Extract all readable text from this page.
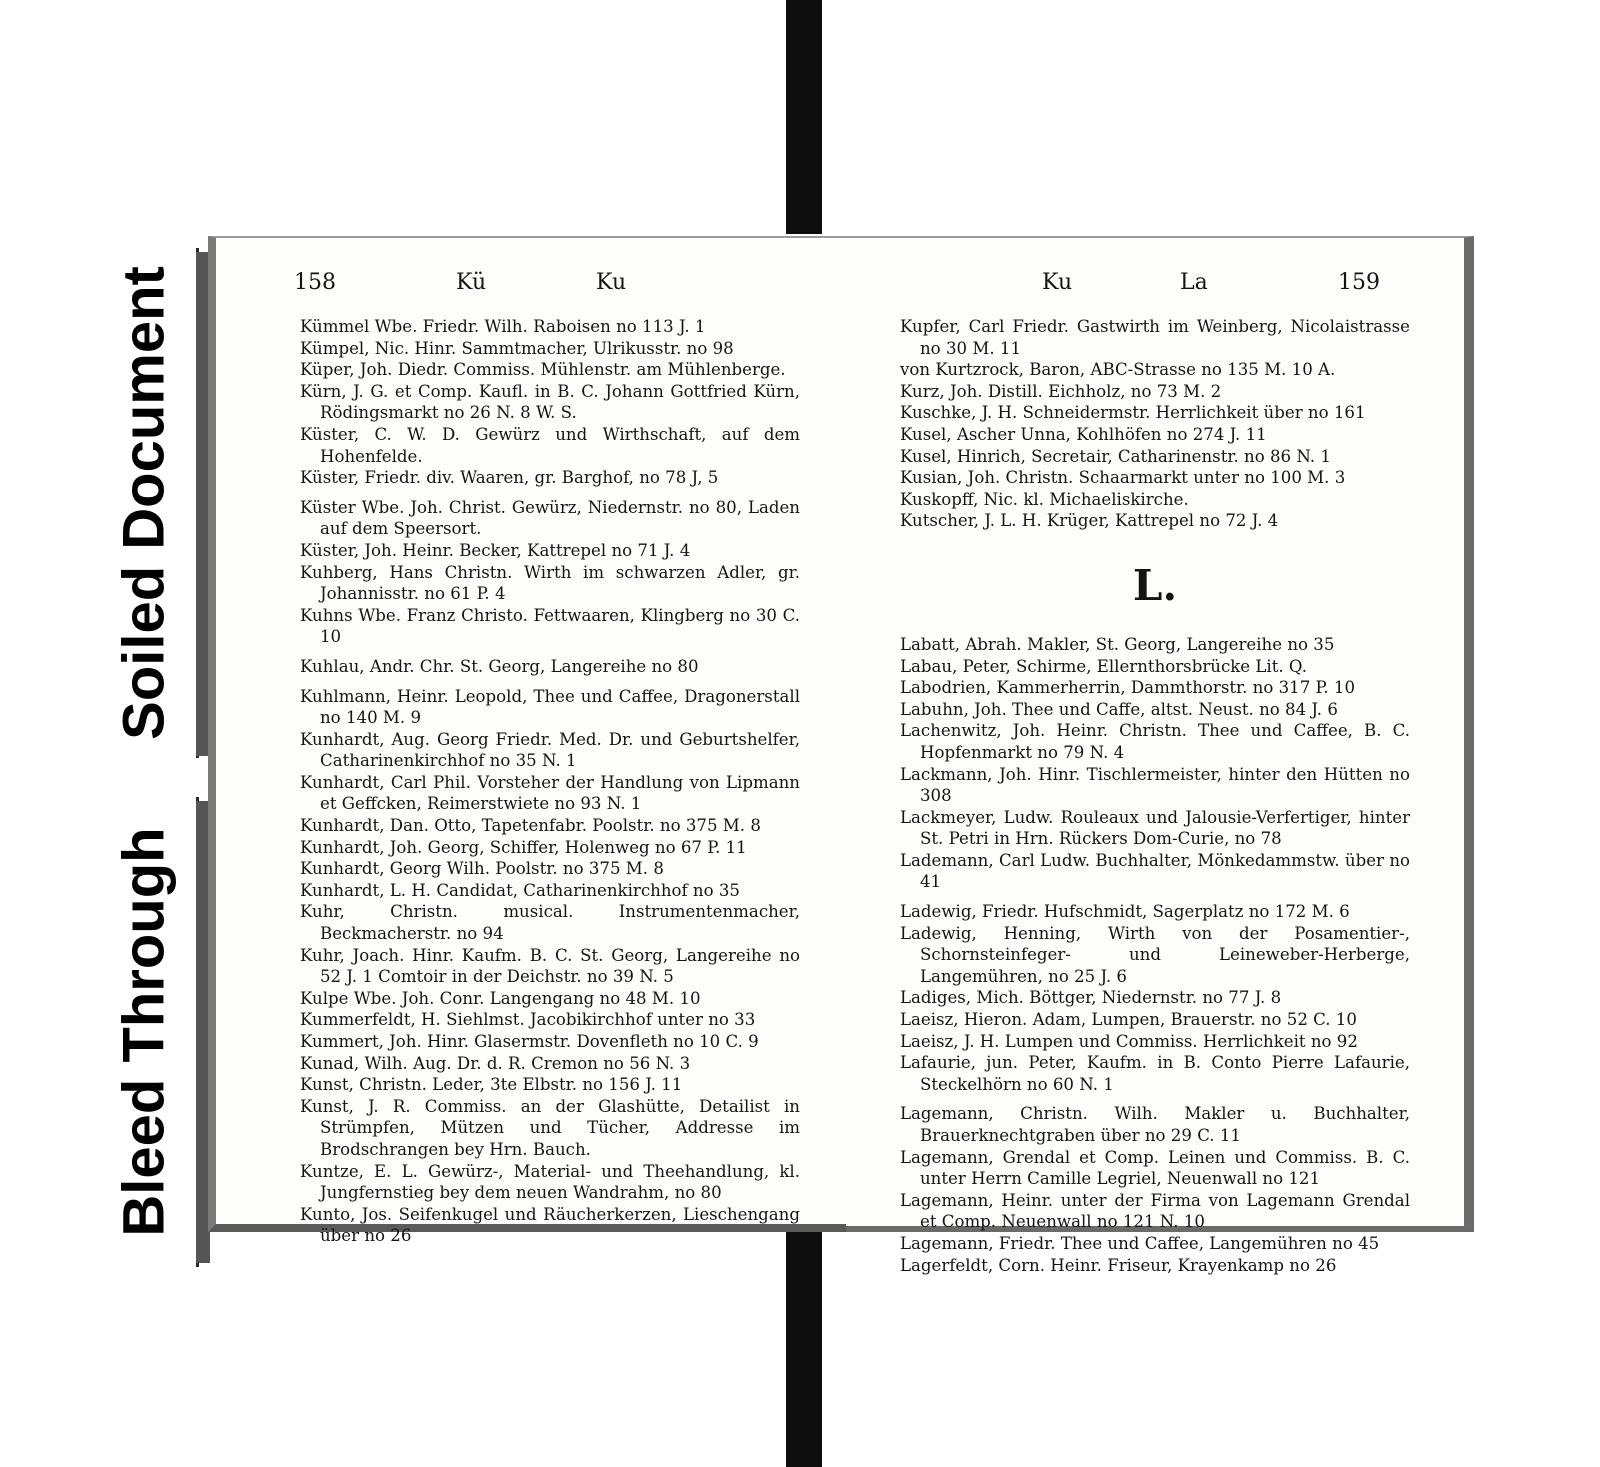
Soiled Document
Bleed Through
158	Kü	Ku
Kümmel Wbe. Friedr. Wilh. Raboisen no 113 J. 1
Kümpel, Nic. Hinr. Sammtmacher, Ulrikusstr. no 98
Küper, Joh. Diedr. Commiss. Mühlenstr. am Mühlenberge.
Kürn, J. G. et Comp. Kaufl. in B. C. Johann Gottfried Kürn, Rödingsmarkt no 26 N. 8 W. S.
Küster, C. W. D. Gewürz und Wirthschaft, auf dem Hohenfelde.
Küster, Friedr. div. Waaren, gr. Barghof, no 78 J, 5
Küster Wbe. Joh. Christ. Gewürz, Niedernstr. no 80, Laden auf dem Speersort.
Küster, Joh. Heinr. Becker, Kattrepel no 71 J. 4
Kuhberg, Hans Christn. Wirth im schwarzen Adler, gr. Johannisstr. no 61 P. 4
Kuhns Wbe. Franz Christo. Fettwaaren, Klingberg no 30 C. 10
Kuhlau, Andr. Chr. St. Georg, Langereihe no 80
Kuhlmann, Heinr. Leopold, Thee und Caffee, Dragonerstall no 140 M. 9
Kunhardt, Aug. Georg Friedr. Med. Dr. und Geburtshelfer, Catharinenkirchhof no 35 N. 1
Kunhardt, Carl Phil. Vorsteher der Handlung von Lipmann et Geffcken, Reimerstwiete no 93 N. 1
Kunhardt, Dan. Otto, Tapetenfabr. Poolstr. no 375 M. 8
Kunhardt, Joh. Georg, Schiffer, Holenweg no 67 P. 11
Kunhardt, Georg Wilh. Poolstr. no 375 M. 8
Kunhardt, L. H. Candidat, Catharinenkirchhof no 35
Kuhr, Christn. musical. Instrumentenmacher, Beckmacherstr. no 94
Kuhr, Joach. Hinr. Kaufm. B. C. St. Georg, Langereihe no 52 J. 1 Comtoir in der Deichstr. no 39 N. 5
Kulpe Wbe. Joh. Conr. Langengang no 48 M. 10
Kummerfeldt, H. Siehlmst. Jacobikirchhof unter no 33
Kummert, Joh. Hinr. Glasermstr. Dovenfleth no 10 C. 9
Kunad, Wilh. Aug. Dr. d. R. Cremon no 56 N. 3
Kunst, Christn. Leder, 3te Elbstr. no 156 J. 11
Kunst, J. R. Commiss. an der Glashütte, Detailist in Strümpfen, Mützen und Tücher, Addresse im Brodschrangen bey Hrn. Bauch.
Kuntze, E. L. Gewürz-, Material- und Theehandlung, kl. Jungfernstieg bey dem neuen Wandrahm, no 80
Kunto, Jos. Seifenkugel und Räucherkerzen, Lieschengang über no 26
Ku	La	159
Kupfer, Carl Friedr. Gastwirth im Weinberg, Nicolaistrasse no 30 M. 11
von Kurtzrock, Baron, ABC-Strasse no 135 M. 10 A.
Kurz, Joh. Distill. Eichholz, no 73 M. 2
Kuschke, J. H. Schneidermstr. Herrlichkeit über no 161
Kusel, Ascher Unna, Kohlhöfen no 274 J. 11
Kusel, Hinrich, Secretair, Catharinenstr. no 86 N. 1
Kusian, Joh. Christn. Schaarmarkt unter no 100 M. 3
Kuskopff, Nic. kl. Michaeliskirche.
Kutscher, J. L. H. Krüger, Kattrepel no 72 J. 4
L.
Labatt, Abrah. Makler, St. Georg, Langereihe no 35
Labau, Peter, Schirme, Ellernthorsbrücke Lit. Q.
Labodrien, Kammerherrin, Dammthorstr. no 317 P. 10
Labuhn, Joh. Thee und Caffe, altst. Neust. no 84 J. 6
Lachenwitz, Joh. Heinr. Christn. Thee und Caffee, B. C. Hopfenmarkt no 79 N. 4
Lackmann, Joh. Hinr. Tischlermeister, hinter den Hütten no 308
Lackmeyer, Ludw. Rouleaux und Jalousie-Verfertiger, hinter St. Petri in Hrn. Rückers Dom-Curie, no 78
Lademann, Carl Ludw. Buchhalter, Mönkedammstw. über no 41
Ladewig, Friedr. Hufschmidt, Sagerplatz no 172 M. 6
Ladewig, Henning, Wirth von der Posamentier-, Schornsteinfeger- und Leineweber-Herberge, Langemühren, no 25 J. 6
Ladiges, Mich. Böttger, Niedernstr. no 77 J. 8
Laeisz, Hieron. Adam, Lumpen, Brauerstr. no 52 C. 10
Laeisz, J. H. Lumpen und Commiss. Herrlichkeit no 92
Lafaurie, jun. Peter, Kaufm. in B. Conto Pierre Lafaurie, Steckelhörn no 60 N. 1
Lagemann, Christn. Wilh. Makler u. Buchhalter, Brauerknechtgraben über no 29 C. 11
Lagemann, Grendal et Comp. Leinen und Commiss. B. C. unter Herrn Camille Legriel, Neuenwall no 121
Lagemann, Heinr. unter der Firma von Lagemann Grendal et Comp. Neuenwall no 121 N. 10
Lagemann, Friedr. Thee und Caffee, Langemühren no 45
Lagerfeldt, Corn. Heinr. Friseur, Krayenkamp no 26
